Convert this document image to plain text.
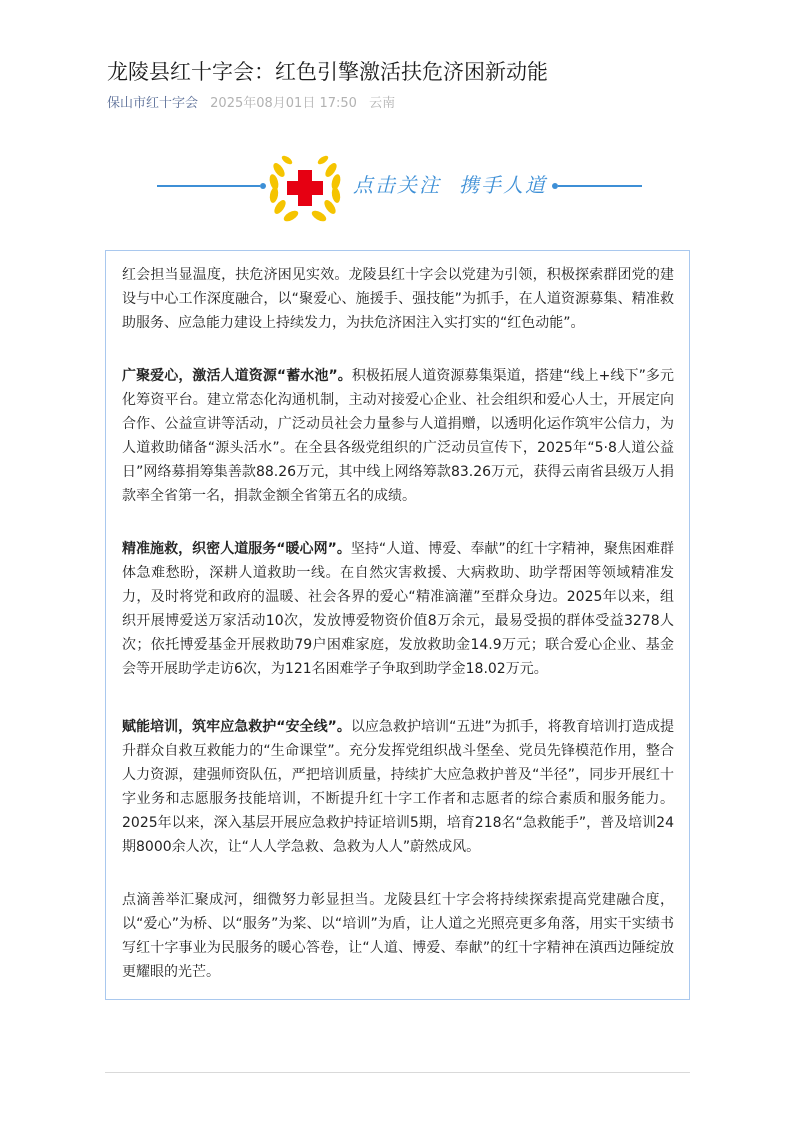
龙陵县红十字会：红色引擎激活扶危济困新动能
保山市红十字会 2025年08月01日 17:50 云南
点击关注 携手人道

红会担当显温度，扶危济困见实效。龙陵县红十字会以党建为引领，积极探索群团党的建设与中心工作深度融合，以“聚爱心、施援手、强技能”为抓手，在人道资源募集、精准救助服务、应急能力建设上持续发力，为扶危济困注入实打实的“红色动能”。

广聚爱心，激活人道资源“蓄水池”。积极拓展人道资源募集渠道，搭建“线上+线下”多元化筹资平台。建立常态化沟通机制，主动对接爱心企业、社会组织和爱心人士，开展定向合作、公益宣讲等活动，广泛动员社会力量参与人道捐赠，以透明化运作筑牢公信力，为人道救助储备“源头活水”。在全县各级党组织的广泛动员宣传下，2025年“5·8人道公益日”网络募捐筹集善款88.26万元，其中线上网络筹款83.26万元，获得云南省县级万人捐款率全省第一名，捐款金额全省第五名的成绩。

精准施救，织密人道服务“暖心网”。坚持“人道、博爱、奉献”的红十字精神，聚焦困难群体急难愁盼，深耕人道救助一线。在自然灾害救援、大病救助、助学帮困等领域精准发力，及时将党和政府的温暖、社会各界的爱心“精准滴灌”至群众身边。2025年以来，组织开展博爱送万家活动10次，发放博爱物资价值8万余元，最易受损的群体受益3278人次；依托博爱基金开展救助79户困难家庭，发放救助金14.9万元；联合爱心企业、基金会等开展助学走访6次，为121名困难学子争取到助学金18.02万元。

赋能培训，筑牢应急救护“安全线”。以应急救护培训“五进”为抓手，将教育培训打造成提升群众自救互救能力的“生命课堂”。充分发挥党组织战斗堡垒、党员先锋模范作用，整合人力资源，建强师资队伍，严把培训质量，持续扩大应急救护普及“半径”，同步开展红十字业务和志愿服务技能培训，不断提升红十字工作者和志愿者的综合素质和服务能力。2025年以来，深入基层开展应急救护持证培训5期，培育218名“急救能手”，普及培训24期8000余人次，让“人人学急救、急救为人人”蔚然成风。

点滴善举汇聚成河，细微努力彰显担当。龙陵县红十字会将持续探索提高党建融合度，以“爱心”为桥、以“服务”为桨、以“培训”为盾，让人道之光照亮更多角落，用实干实绩书写红十字事业为民服务的暖心答卷，让“人道、博爱、奉献”的红十字精神在滇西边陲绽放更耀眼的光芒。
